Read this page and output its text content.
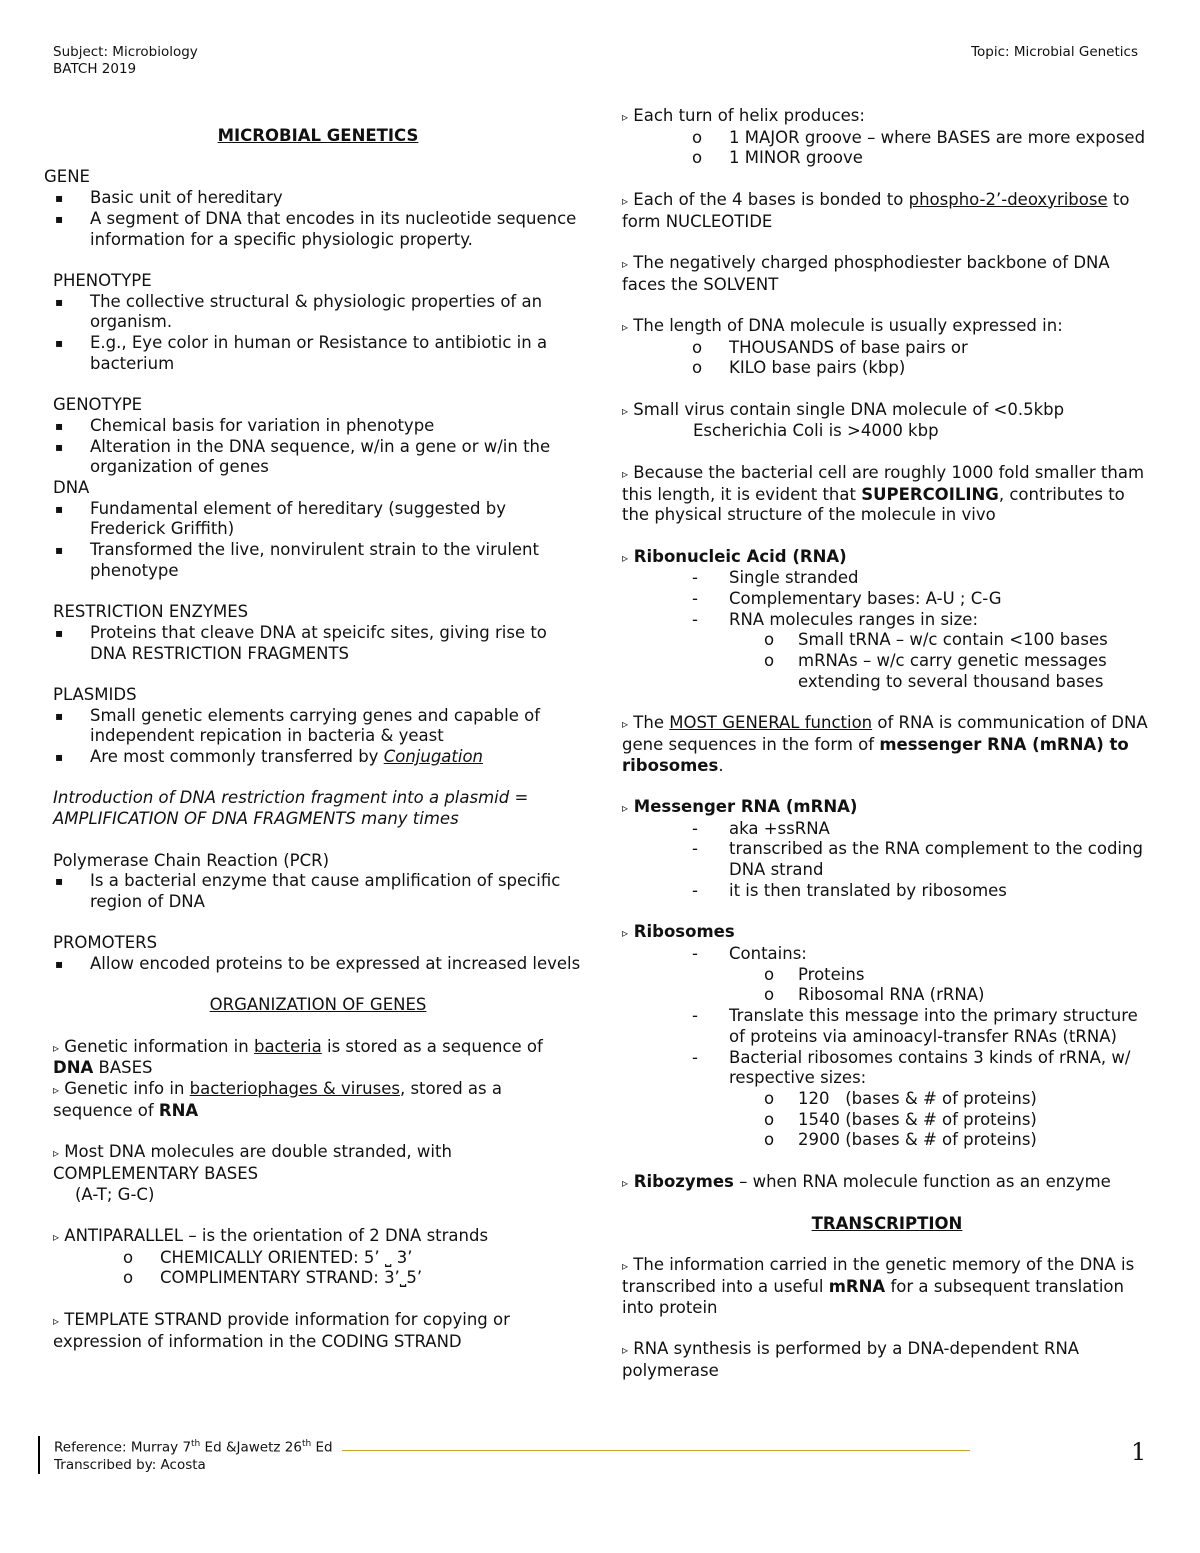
Subject: Microbiology
BATCH 2019
Topic: Microbial Genetics

MICROBIAL GENETICS

GENE

▪
Basic unit of hereditary
▪
A segment of DNA that encodes in its nucleotide sequence information for a specific physiologic property.

PHENOTYPE

▪
The collective structural & physiologic properties of an organism.
▪
E.g., Eye color in human or Resistance to antibiotic in a bacterium

GENOTYPE

▪
Chemical basis for variation in phenotype
▪
Alteration in the DNA sequence, w/in a gene or w/in the organization of genes

DNA

▪
Fundamental element of hereditary (suggested by Frederick Griffith)
▪
Transformed the live, nonvirulent strain to the virulent phenotype

RESTRICTION ENZYMES

▪
Proteins that cleave DNA at speicifc sites, giving rise to DNA RESTRICTION FRAGMENTS

PLASMIDS

▪
Small genetic elements carrying genes and capable of independent repication in bacteria & yeast
▪
Are most commonly transferred by Conjugation

Introduction of DNA restriction fragment into a plasmid = AMPLIFICATION OF DNA FRAGMENTS many times

Polymerase Chain Reaction (PCR)

▪
Is a bacterial enzyme that cause amplification of specific region of DNA

PROMOTERS

▪
Allow encoded proteins to be expressed at increased levels

ORGANIZATION OF GENES

▹ Genetic information in bacteria is stored as a sequence of DNA BASES

▹ Genetic info in bacteriophages & viruses, stored as a sequence of RNA

▹ Most DNA molecules are double stranded, with COMPLEMENTARY BASES

(A-T; G-C)

▹ ANTIPARALLEL – is the orientation of 2 DNA strands

o	CHEMICALLY ORIENTED: 5’ ⎵ 3’
o	COMPLIMENTARY STRAND: 3’⎵5’

▹ TEMPLATE STRAND provide information for copying or expression of information in the CODING STRAND

▹ Each turn of helix produces:

o	1 MAJOR groove – where BASES are more exposed
o	1 MINOR groove

▹ Each of the 4 bases is bonded to phospho-2’-deoxyribose to form NUCLEOTIDE

▹ The negatively charged phosphodiester backbone of DNA faces the SOLVENT

▹ The length of DNA molecule is usually expressed in:

o	THOUSANDS of base pairs or
o	KILO base pairs (kbp)

▹ Small virus contain single DNA molecule of <0.5kbp

Escherichia Coli is >4000 kbp

▹ Because the bacterial cell are roughly 1000 fold smaller tham this length, it is evident that SUPERCOILING, contributes to the physical structure of the molecule in vivo

▹ Ribonucleic Acid (RNA)

-	Single stranded
-	Complementary bases: A-U ; C-G
-	RNA molecules ranges in size:
o	Small tRNA – w/c contain <100 bases
o	mRNAs – w/c carry genetic messages extending to several thousand bases

▹ The MOST GENERAL function of RNA is communication of DNA gene sequences in the form of messenger RNA (mRNA) to ribosomes.

▹ Messenger RNA (mRNA)

-	aka +ssRNA
-	transcribed as the RNA complement to the coding DNA strand
-	it is then translated by ribosomes

▹ Ribosomes

-	Contains:
o	Proteins
o	Ribosomal RNA (rRNA)
-	Translate this message into the primary structure of proteins via aminoacyl-transfer RNAs (tRNA)
-	Bacterial ribosomes contains 3 kinds of rRNA, w/ respective sizes:
o	120   (bases & # of proteins)
o	1540 (bases & # of proteins)
o	2900 (bases & # of proteins)

▹ Ribozymes – when RNA molecule function as an enzyme

TRANSCRIPTION

▹ The information carried in the genetic memory of the DNA is transcribed into a useful mRNA for a subsequent translation into protein

▹ RNA synthesis is performed by a DNA-dependent RNA polymerase

Reference: Murray 7th Ed &Jawetz 26th Ed
Transcribed by: Acosta	1
